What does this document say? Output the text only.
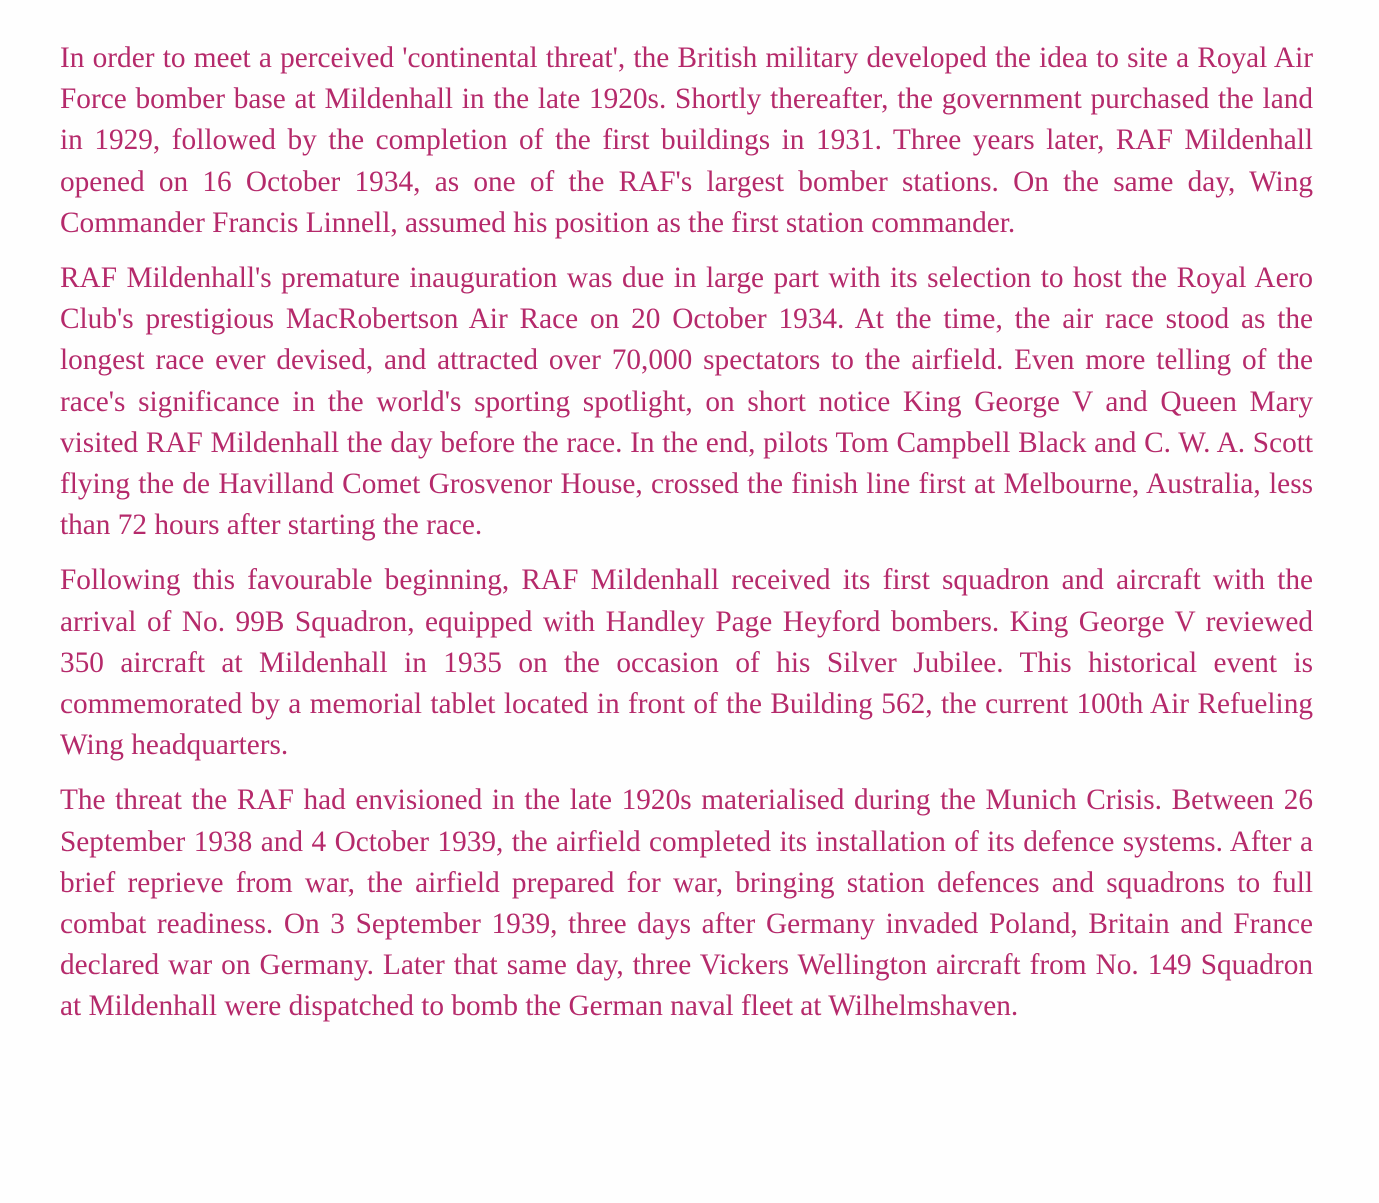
In order to meet a perceived 'continental threat', the British military developed the idea to site a Royal Air Force bomber base at Mildenhall in the late 1920s. Shortly thereafter, the government purchased the land in 1929, followed by the completion of the first buildings in 1931. Three years later, RAF Mildenhall opened on 16 October 1934, as one of the RAF's largest bomber stations. On the same day, Wing Commander Francis Linnell, assumed his position as the first station commander.

RAF Mildenhall's premature inauguration was due in large part with its selection to host the Royal Aero Club's prestigious MacRobertson Air Race on 20 October 1934. At the time, the air race stood as the longest race ever devised, and attracted over 70,000 spectators to the airfield. Even more telling of the race's significance in the world's sporting spotlight, on short notice King George V and Queen Mary visited RAF Mildenhall the day before the race. In the end, pilots Tom Campbell Black and C. W. A. Scott flying the de Havilland Comet Grosvenor House, crossed the finish line first at Melbourne, Australia, less than 72 hours after starting the race.

Following this favourable beginning, RAF Mildenhall received its first squadron and aircraft with the arrival of No. 99B Squadron, equipped with Handley Page Heyford bombers. King George V reviewed 350 aircraft at Mildenhall in 1935 on the occasion of his Silver Jubilee. This historical event is commemorated by a memorial tablet located in front of the Building 562, the current 100th Air Refueling Wing headquarters.

The threat the RAF had envisioned in the late 1920s materialised during the Munich Crisis. Between 26 September 1938 and 4 October 1939, the airfield completed its installation of its defence systems. After a brief reprieve from war, the airfield prepared for war, bringing station defences and squadrons to full combat readiness. On 3 September 1939, three days after Germany invaded Poland, Britain and France declared war on Germany. Later that same day, three Vickers Wellington aircraft from No. 149 Squadron at Mildenhall were dispatched to bomb the German naval fleet at Wilhelmshaven.
